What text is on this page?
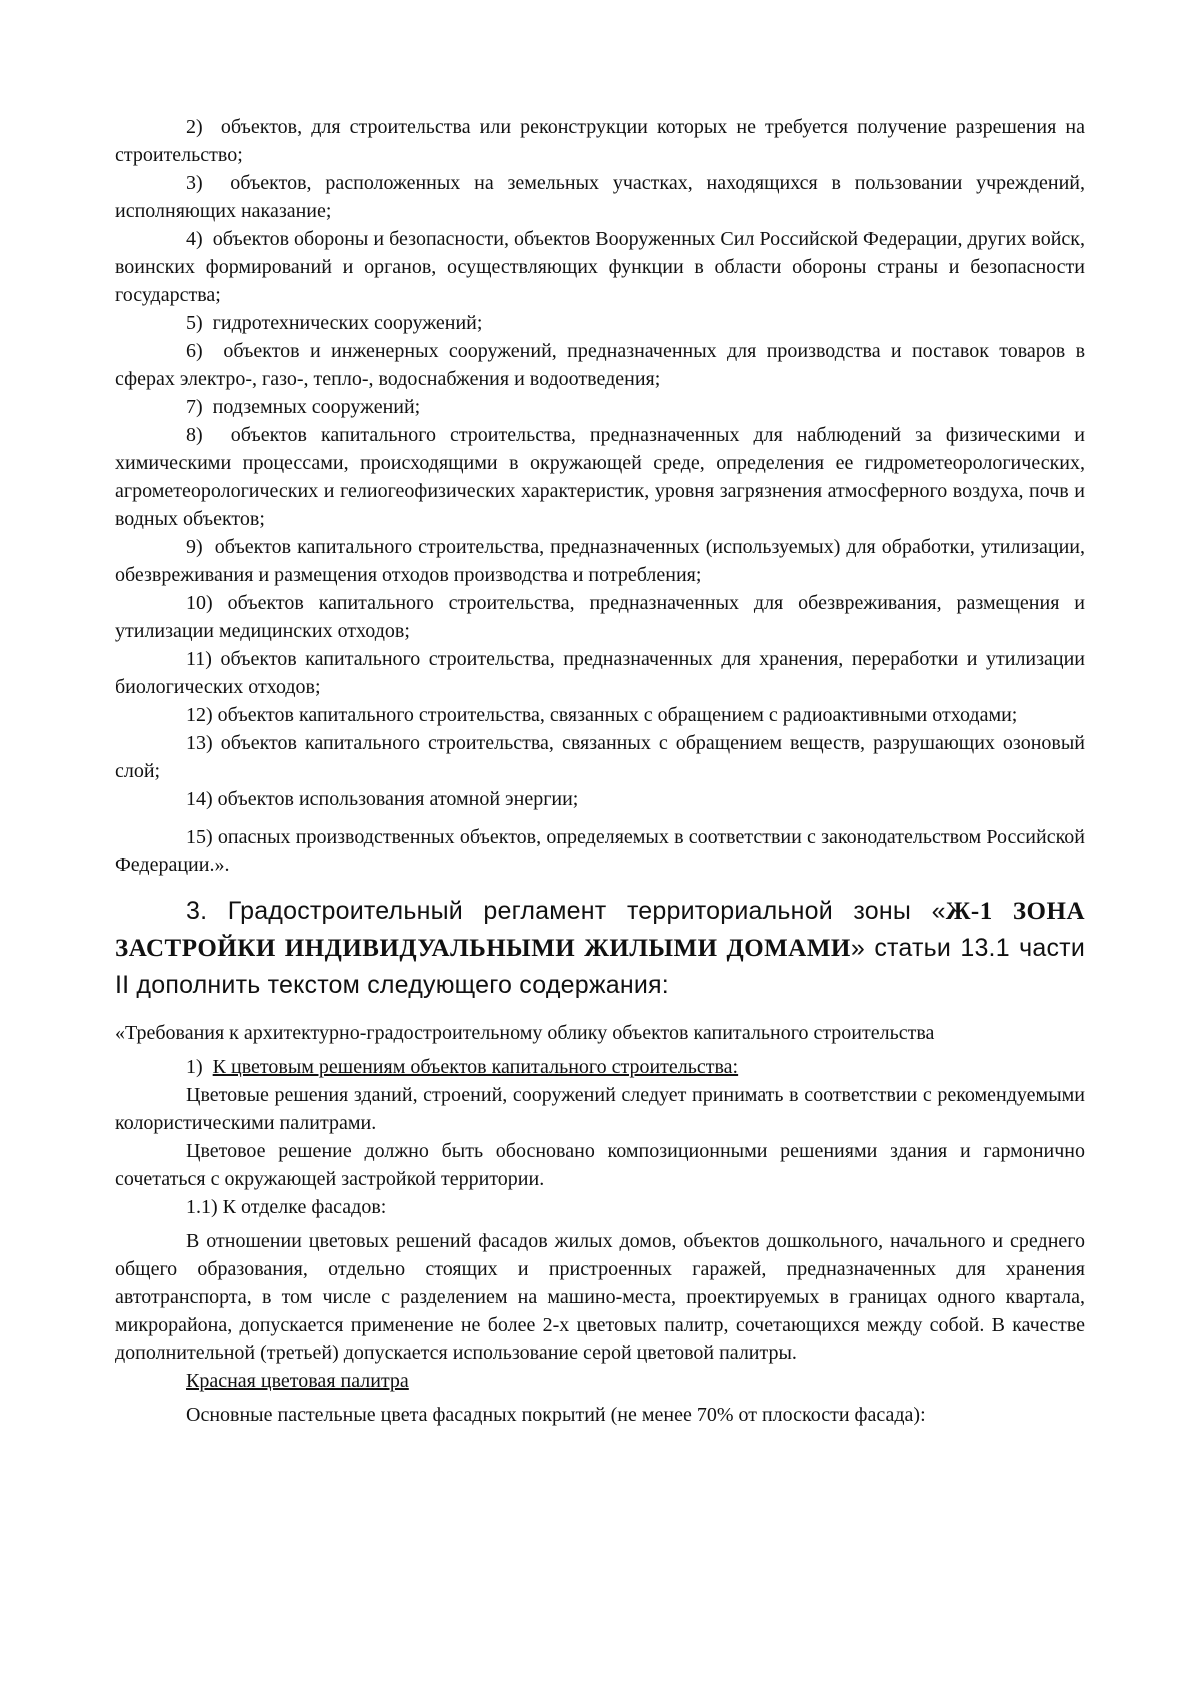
2) объектов, для строительства или реконструкции которых не требуется получение разрешения на строительство;

3) объектов, расположенных на земельных участках, находящихся в пользовании учреждений, исполняющих наказание;

4) объектов обороны и безопасности, объектов Вооруженных Сил Российской Федерации, других войск, воинских формирований и органов, осуществляющих функции в области обороны страны и безопасности государства;

5) гидротехнических сооружений;

6) объектов и инженерных сооружений, предназначенных для производства и поставок товаров в сферах электро-, газо-, тепло-, водоснабжения и водоотведения;

7) подземных сооружений;

8) объектов капитального строительства, предназначенных для наблюдений за физическими и химическими процессами, происходящими в окружающей среде, определения ее гидрометеорологических, агрометеорологических и гелиогеофизических характеристик, уровня загрязнения атмосферного воздуха, почв и водных объектов;

9) объектов капитального строительства, предназначенных (используемых) для обработки, утилизации, обезвреживания и размещения отходов производства и потребления;

10) объектов капитального строительства, предназначенных для обезвреживания, размещения и утилизации медицинских отходов;

11) объектов капитального строительства, предназначенных для хранения, переработки и утилизации биологических отходов;

12) объектов капитального строительства, связанных с обращением с радиоактивными отходами;

13) объектов капитального строительства, связанных с обращением веществ, разрушающих озоновый слой;

14) объектов использования атомной энергии;

15) опасных производственных объектов, определяемых в соответствии с законодательством Российской Федерации.».

3. Градостроительный регламент территориальной зоны «Ж-1 ЗОНА ЗАСТРОЙКИ ИНДИВИДУАЛЬНЫМИ ЖИЛЫМИ ДОМАМИ» статьи 13.1 части II дополнить текстом следующего содержания:

«Требования к архитектурно-градостроительному облику объектов капитального строительства

1) К цветовым решениям объектов капитального строительства:

Цветовые решения зданий, строений, сооружений следует принимать в соответствии с рекомендуемыми колористическими палитрами.

Цветовое решение должно быть обосновано композиционными решениями здания и гармонично сочетаться с окружающей застройкой территории.

1.1) К отделке фасадов:

В отношении цветовых решений фасадов жилых домов, объектов дошкольного, начального и среднего общего образования, отдельно стоящих и пристроенных гаражей, предназначенных для хранения автотранспорта, в том числе с разделением на машино-места, проектируемых в границах одного квартала, микрорайона, допускается применение не более 2-х цветовых палитр, сочетающихся между собой. В качестве дополнительной (третьей) допускается использование серой цветовой палитры.

Красная цветовая палитра

Основные пастельные цвета фасадных покрытий (не менее 70% от плоскости фасада):
